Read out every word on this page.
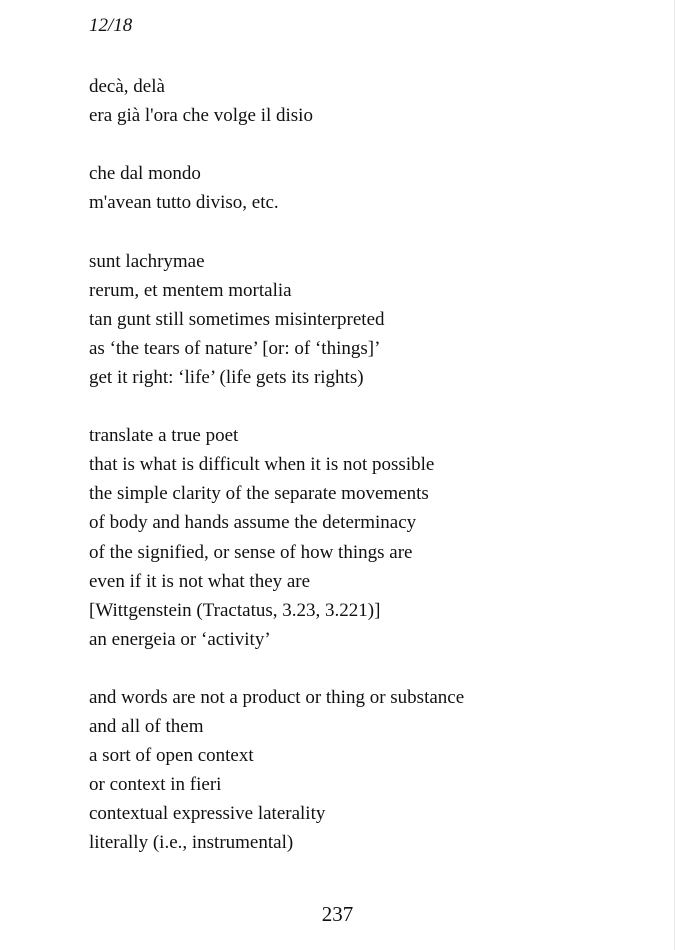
12/18
decà, delà
era già l'ora che volge il disio
che dal mondo
m'avean tutto diviso, etc.
sunt lachrymae
rerum, et mentem mortalia
tan gunt still sometimes misinterpreted
as ‘the tears of nature’ [or: of ‘things]’
get it right: ‘life’ (life gets its rights)
translate a true poet
that is what is difficult when it is not possible
the simple clarity of the separate movements
of body and hands assume the determinacy
of the signified, or sense of how things are
even if it is not what they are
[Wittgenstein (Tractatus, 3.23, 3.221)]
an energeia or ‘activity’
and words are not a product or thing or substance
and all of them
a sort of open context
or context in fieri
contextual expressive laterality
literally (i.e., instrumental)
237
